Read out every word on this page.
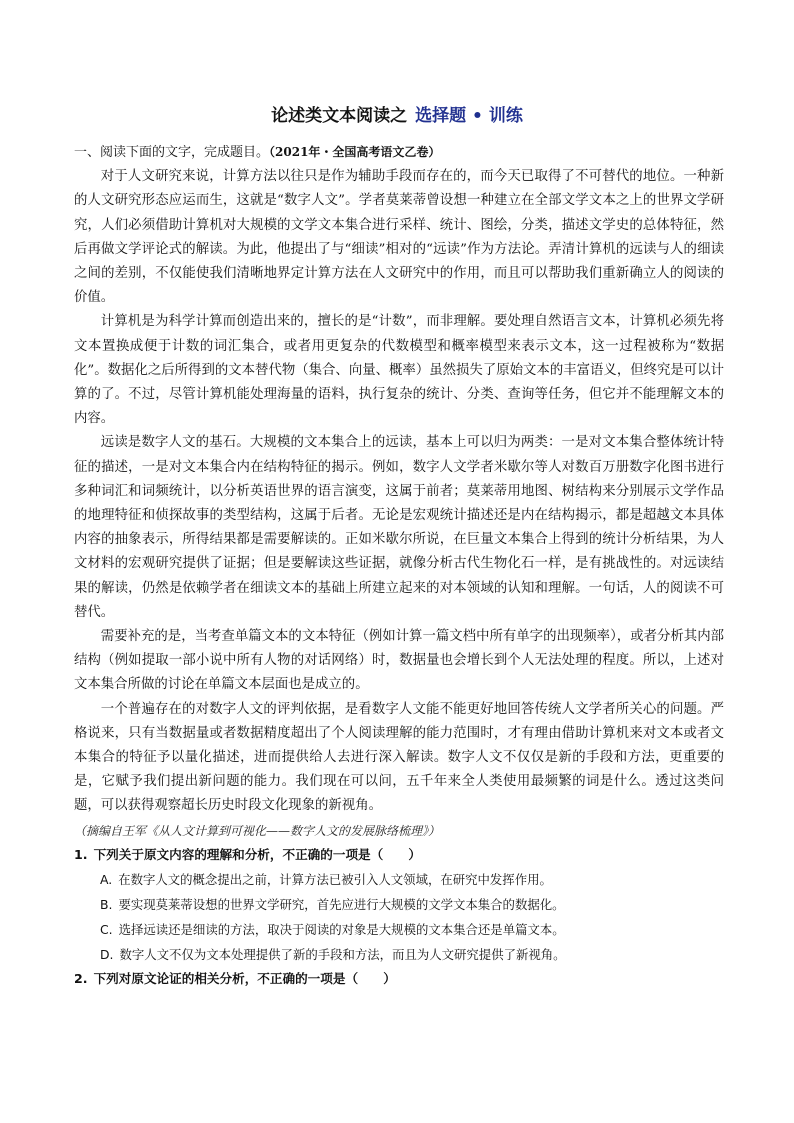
论述类文本阅读之 选择题 • 训练

一、阅读下面的文字，完成题目。（2021年・全国高考语文乙卷）

对于人文研究来说，计算方法以往只是作为辅助手段而存在的，而今天已取得了不可替代的地位。一种新的人文研究形态应运而生，这就是“数字人文”。学者莫莱蒂曾设想一种建立在全部文学文本之上的世界文学研究，人们必须借助计算机对大规模的文学文本集合进行采样、统计、图绘，分类，描述文学史的总体特征，然后再做文学评论式的解读。为此，他提出了与“细读”相对的“远读”作为方法论。弄清计算机的远读与人的细读之间的差别，不仅能使我们清晰地界定计算方法在人文研究中的作用，而且可以帮助我们重新确立人的阅读的价值。

计算机是为科学计算而创造出来的，擅长的是“计数”，而非理解。要处理自然语言文本，计算机必须先将文本置换成便于计数的词汇集合，或者用更复杂的代数模型和概率模型来表示文本，这一过程被称为“数据化”。数据化之后所得到的文本替代物（集合、向量、概率）虽然损失了原始文本的丰富语义，但终究是可以计算的了。不过，尽管计算机能处理海量的语料，执行复杂的统计、分类、查询等任务，但它并不能理解文本的内容。

远读是数字人文的基石。大规模的文本集合上的远读，基本上可以归为两类：一是对文本集合整体统计特征的描述，一是对文本集合内在结构特征的揭示。例如，数字人文学者米歇尔等人对数百万册数字化图书进行多种词汇和词频统计，以分析英语世界的语言演变，这属于前者；莫莱蒂用地图、树结构来分别展示文学作品的地理特征和侦探故事的类型结构，这属于后者。无论是宏观统计描述还是内在结构揭示，都是超越文本具体内容的抽象表示，所得结果都是需要解读的。正如米歇尔所说，在巨量文本集合上得到的统计分析结果，为人文材料的宏观研究提供了证据；但是要解读这些证据，就像分析古代生物化石一样，是有挑战性的。对远读结果的解读，仍然是依赖学者在细读文本的基础上所建立起来的对本领域的认知和理解。一句话，人的阅读不可替代。

需要补充的是，当考查单篇文本的文本特征（例如计算一篇文档中所有单字的出现频率），或者分析其内部结构（例如提取一部小说中所有人物的对话网络）时，数据量也会增长到个人无法处理的程度。所以，上述对文本集合所做的讨论在单篇文本层面也是成立的。

一个普遍存在的对数字人文的评判依据，是看数字人文能不能更好地回答传统人文学者所关心的问题。严格说来，只有当数据量或者数据精度超出了个人阅读理解的能力范围时，才有理由借助计算机来对文本或者文本集合的特征予以量化描述，进而提供给人去进行深入解读。数字人文不仅仅是新的手段和方法，更重要的是，它赋予我们提出新问题的能力。我们现在可以问，五千年来全人类使用最频繁的词是什么。透过这类问题，可以获得观察超长历史时段文化现象的新视角。

（摘编自王军《从人文计算到可视化——数字人文的发展脉络梳理》）

1. 下列关于原文内容的理解和分析，不正确的一项是（　　）

A. 在数字人文的概念提出之前，计算方法已被引入人文领域，在研究中发挥作用。

B. 要实现莫莱蒂设想的世界文学研究，首先应进行大规模的文学文本集合的数据化。

C. 选择远读还是细读的方法，取决于阅读的对象是大规模的文本集合还是单篇文本。

D. 数字人文不仅为文本处理提供了新的手段和方法，而且为人文研究提供了新视角。

2. 下列对原文论证的相关分析，不正确的一项是（　　）
